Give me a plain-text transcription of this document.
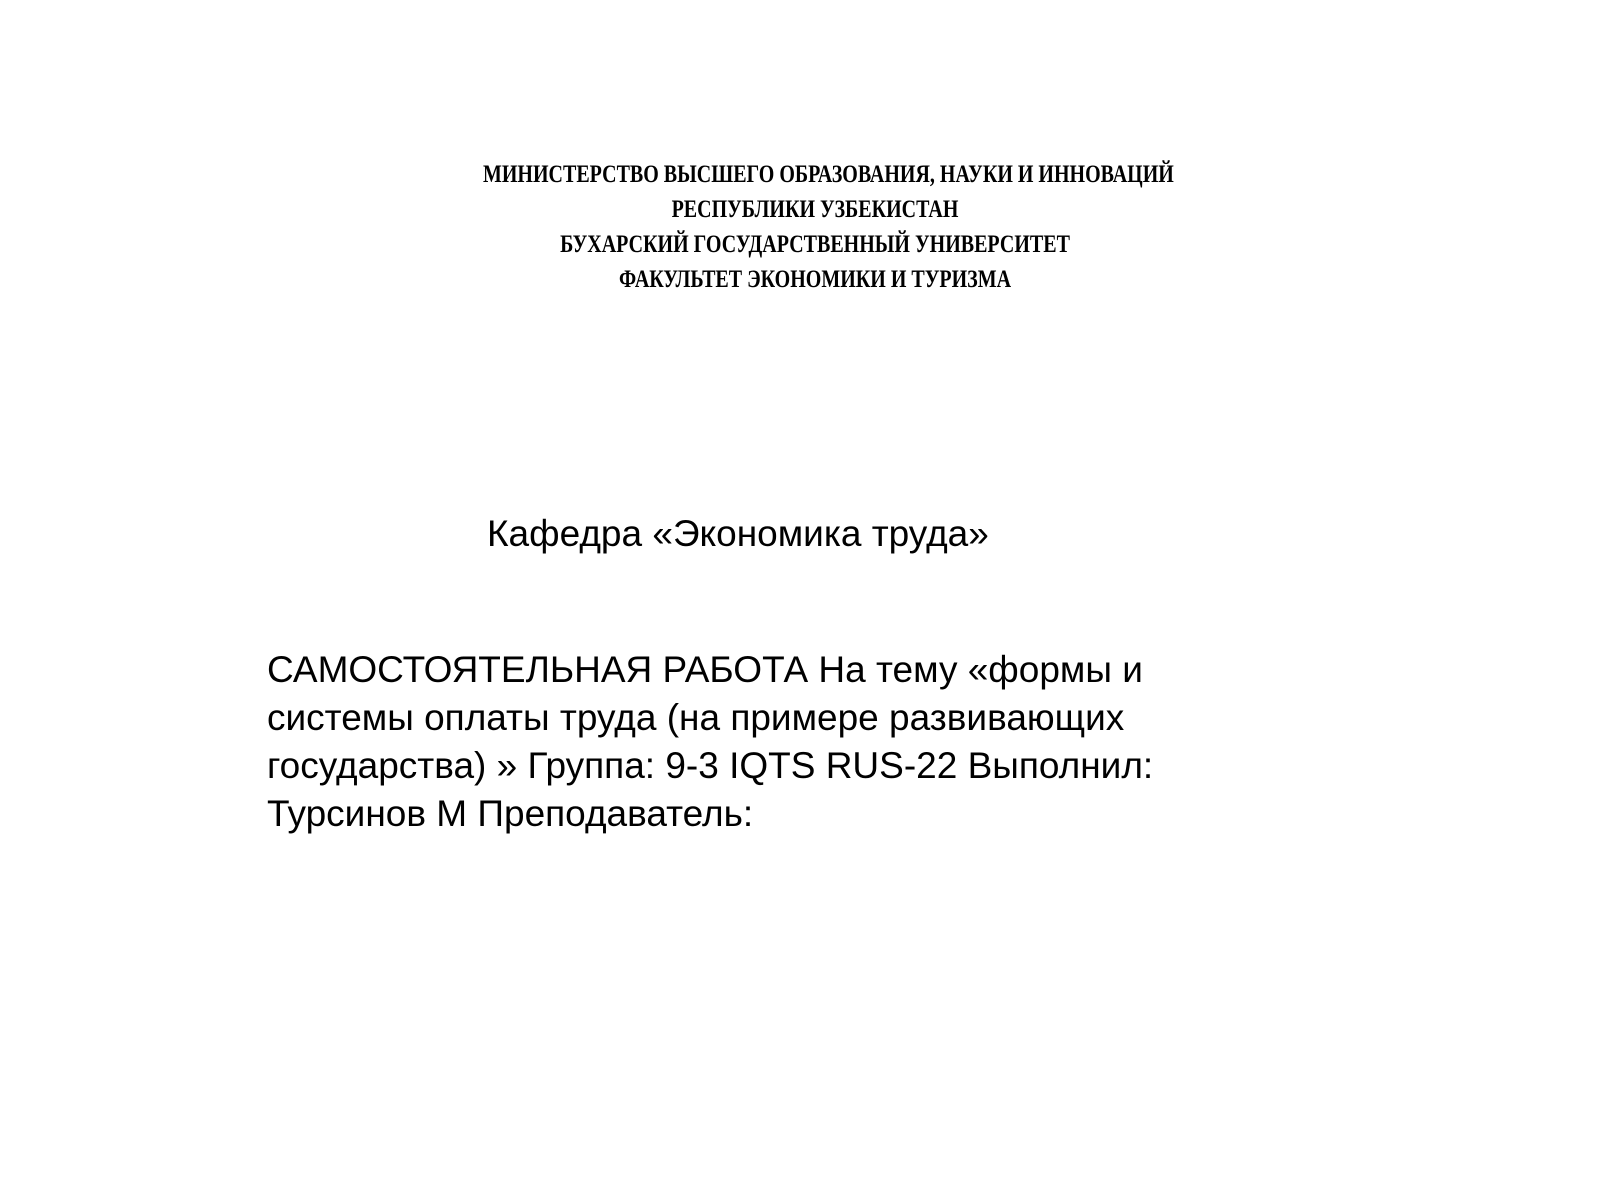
МИНИСТЕРСТВО ВЫСШЕГО ОБРАЗОВАНИЯ, НАУКИ И ИННОВАЦИЙ
РЕСПУБЛИКИ УЗБЕКИСТАН
БУХАРСКИЙ ГОСУДАРСТВЕННЫЙ УНИВЕРСИТЕТ
ФАКУЛЬТЕТ ЭКОНОМИКИ И ТУРИЗМА
Кафедра «Экономика труда»
САМОСТОЯТЕЛЬНАЯ РАБОТА На тему «формы и
системы оплаты труда (на примере развивающих
государства) » Группа: 9-3 IQTS RUS-22 Выполнил:
Турсинов М Преподаватель:
